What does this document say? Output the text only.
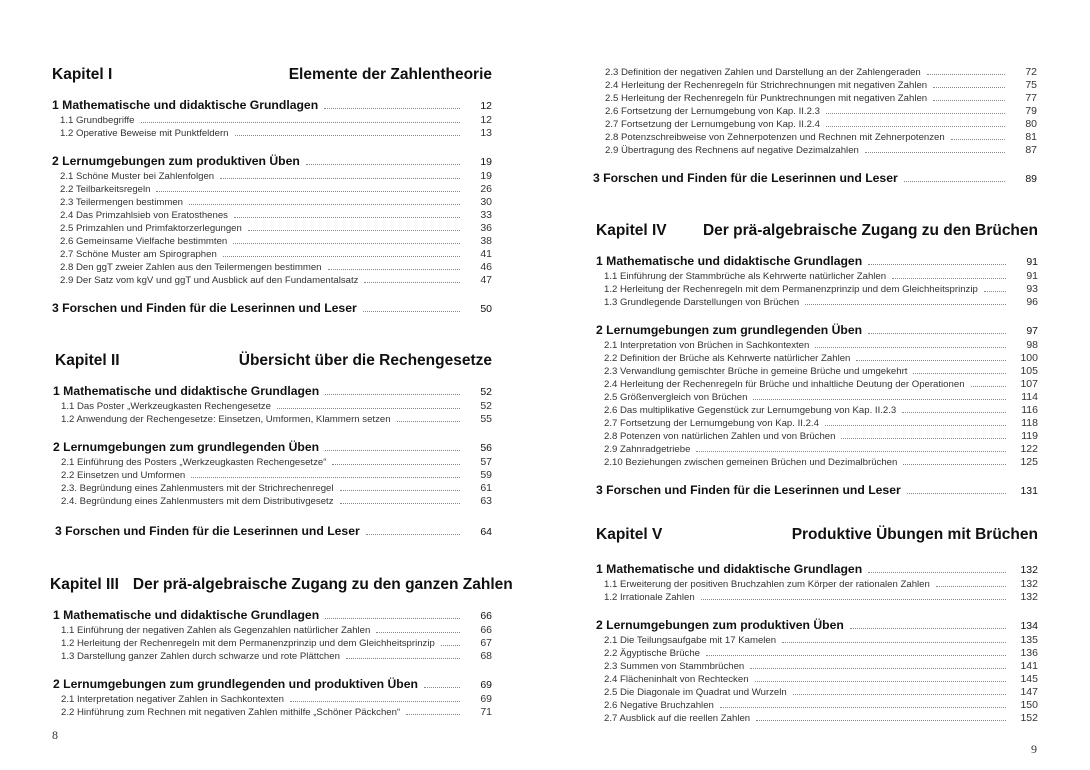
Kapitel I	Elemente der Zahlentheorie
1 Mathematische und didaktische Grundlagen	12
1.1 Grundbegriffe	12
1.2 Operative Beweise mit Punktfeldern	13
2 Lernumgebungen zum produktiven Üben	19
2.1 Schöne Muster bei Zahlenfolgen	19
2.2 Teilbarkeitsregeln	26
2.3 Teilermengen bestimmen	30
2.4 Das Primzahlsieb von Eratosthenes	33
2.5 Primzahlen und Primfaktorzerlegungen	36
2.6 Gemeinsame Vielfache bestimmten	38
2.7 Schöne Muster am Spirographen	41
2.8 Den ggT zweier Zahlen aus den Teilermengen bestimmen	46
2.9 Der Satz vom kgV und ggT und Ausblick auf den Fundamentalsatz	47
3 Forschen und Finden für die Leserinnen und Leser	50
Kapitel II	Übersicht über die Rechengesetze
1 Mathematische und didaktische Grundlagen	52
1.1 Das Poster „Werkzeugkasten Rechengesetze	52
1.2 Anwendung der Rechengesetze: Einsetzen, Umformen, Klammern setzen	55
2 Lernumgebungen zum grundlegenden Üben	56
2.1 Einführung des Posters „Werkzeugkasten Rechengesetze“	57
2.2 Einsetzen und Umformen	59
2.3. Begründung eines Zahlenmusters mit der Strichrechenregel	61
2.4. Begründung eines Zahlenmusters mit dem Distributivgesetz	63
3 Forschen und Finden für die Leserinnen und Leser	64
Kapitel III Der prä-algebraische Zugang zu den ganzen Zahlen
1 Mathematische und didaktische Grundlagen	66
1.1 Einführung der negativen Zahlen als Gegenzahlen natürlicher Zahlen	66
1.2 Herleitung der Rechenregeln mit dem Permanenzprinzip und dem Gleichheitsprinzip	67
1.3 Darstellung ganzer Zahlen durch schwarze und rote Plättchen	68
2 Lernumgebungen zum grundlegenden und produktiven Üben	69
2.1 Interpretation negativer Zahlen in Sachkontexten	69
2.2 Hinführung zum Rechnen mit negativen Zahlen mithilfe „Schöner Päckchen“	71
8
2.3 Definition der negativen Zahlen und Darstellung an der Zahlengeraden	72
2.4 Herleitung der Rechenregeln für Strichrechnungen mit negativen Zahlen	75
2.5 Herleitung der Rechenregeln für Punktrechnungen mit negativen Zahlen	77
2.6 Fortsetzung der Lernumgebung von Kap. II.2.3	79
2.7 Fortsetzung der Lernumgebung von Kap. II.2.4	80
2.8 Potenzschreibweise von Zehnerpotenzen und Rechnen mit Zehnerpotenzen	81
2.9 Übertragung des Rechnens auf negative Dezimalzahlen	87
3 Forschen und Finden für die Leserinnen und Leser	89
Kapitel IV Der prä-algebraische Zugang zu den Brüchen
1 Mathematische und didaktische Grundlagen	91
1.1 Einführung der Stammbrüche als Kehrwerte natürlicher Zahlen	91
1.2 Herleitung der Rechenregeln mit dem Permanenzprinzip und dem Gleichheitsprinzip	93
1.3 Grundlegende Darstellungen von Brüchen	96
2 Lernumgebungen zum grundlegenden Üben	97
2.1 Interpretation von Brüchen in Sachkontexten	98
2.2 Definition der Brüche als Kehrwerte natürlicher Zahlen	100
2.3 Verwandlung gemischter Brüche in gemeine Brüche und umgekehrt	105
2.4 Herleitung der Rechenregeln für Brüche und inhaltliche Deutung der Operationen	107
2.5 Größenvergleich von Brüchen	114
2.6 Das multiplikative Gegenstück zur Lernumgebung von Kap. II.2.3	116
2.7 Fortsetzung der Lernumgebung von Kap. II.2.4	118
2.8 Potenzen von natürlichen Zahlen und von Brüchen	119
2.9 Zahnradgetriebe	122
2.10 Beziehungen zwischen gemeinen Brüchen und Dezimalbrüchen	125
3 Forschen und Finden für die Leserinnen und Leser	131
Kapitel V	Produktive Übungen mit Brüchen
1 Mathematische und didaktische Grundlagen	132
1.1 Erweiterung der positiven Bruchzahlen zum Körper der rationalen Zahlen	132
1.2 Irrationale Zahlen	132
2 Lernumgebungen zum produktiven Üben	134
2.1 Die Teilungsaufgabe mit 17 Kamelen	135
2.2 Ägyptische Brüche	136
2.3 Summen von Stammbrüchen	141
2.4 Flächeninhalt von Rechtecken	145
2.5 Die Diagonale im Quadrat und Wurzeln	147
2.6 Negative Bruchzahlen	150
2.7 Ausblick auf die reellen Zahlen	152
9
